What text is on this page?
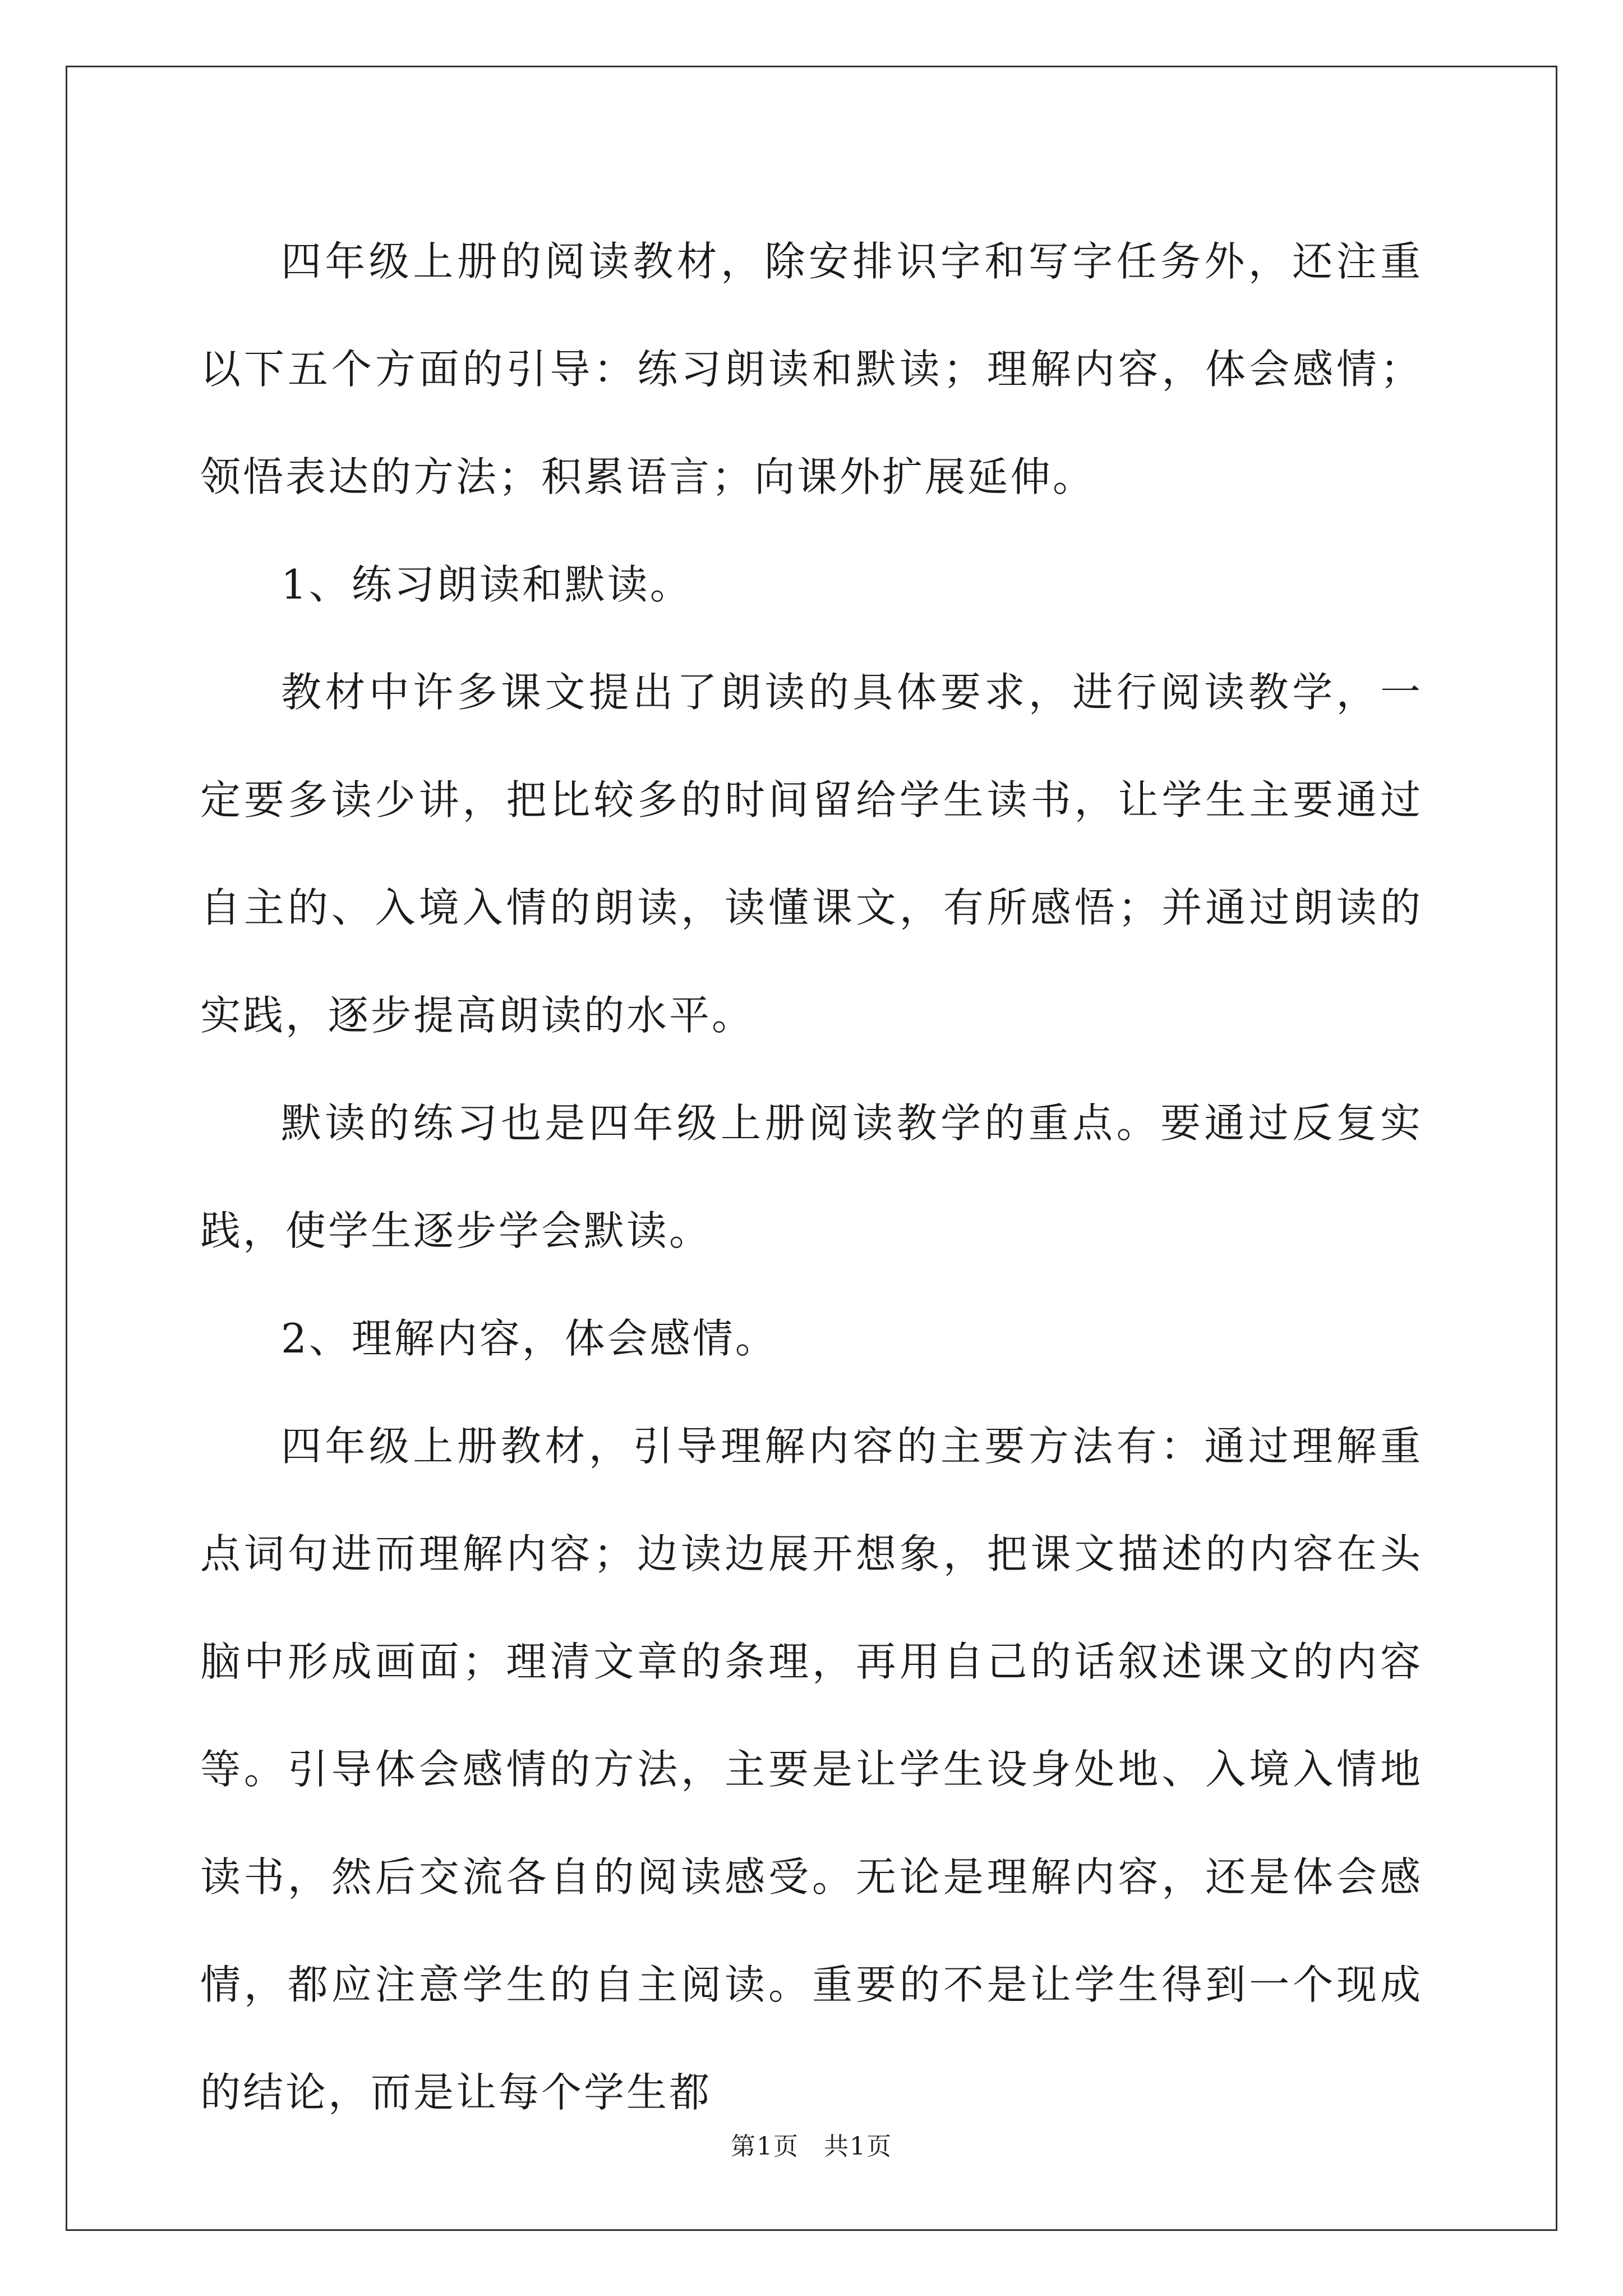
四年级上册的阅读教材，除安排识字和写字任务外，还注重以下五个方面的引导：练习朗读和默读；理解内容，体会感情；领悟表达的方法；积累语言；向课外扩展延伸。

1、练习朗读和默读。

教材中许多课文提出了朗读的具体要求，进行阅读教学，一定要多读少讲，把比较多的时间留给学生读书，让学生主要通过自主的、入境入情的朗读，读懂课文，有所感悟；并通过朗读的实践，逐步提高朗读的水平。

默读的练习也是四年级上册阅读教学的重点。要通过反复实践，使学生逐步学会默读。

2、理解内容，体会感情。

四年级上册教材，引导理解内容的主要方法有：通过理解重点词句进而理解内容；边读边展开想象，把课文描述的内容在头脑中形成画面；理清文章的条理，再用自己的话叙述课文的内容等。引导体会感情的方法，主要是让学生设身处地、入境入情地读书，然后交流各自的阅读感受。无论是理解内容，还是体会感情，都应注意学生的自主阅读。重要的不是让学生得到一个现成的结论，而是让每个学生都

第1页 共1页
